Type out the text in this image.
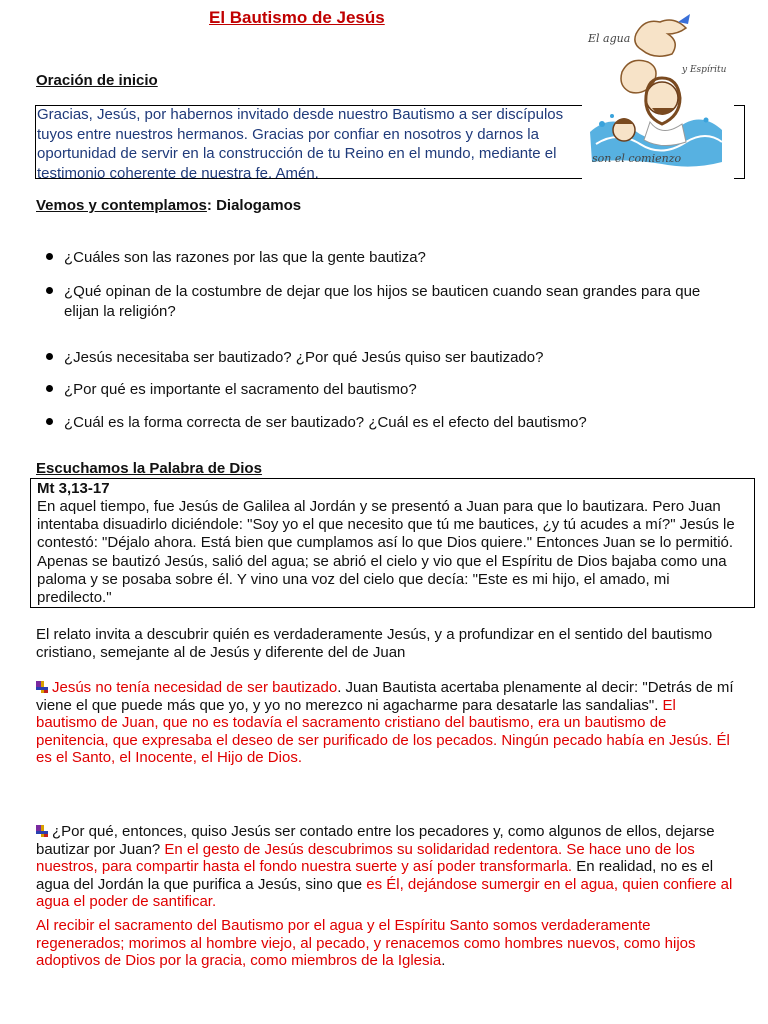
El Bautismo de Jesús
Oración de inicio
Gracias, Jesús, por habernos invitado desde nuestro Bautismo a ser discípulos tuyos entre nuestros hermanos. Gracias por confiar en nosotros y darnos la oportunidad de servir en la construcción de tu Reino en el mundo, mediante el testimonio coherente de nuestra fe. Amén.
El agua
y Espíritu
son el comienzo
Vemos y contemplamos: Dialogamos
¿Cuáles son las razones por las que la gente bautiza?
¿Qué opinan de la costumbre de dejar que los hijos se bauticen cuando sean grandes para que elijan la religión?
¿Jesús necesitaba ser bautizado? ¿Por qué Jesús quiso ser bautizado?
¿Por qué es importante el sacramento del bautismo?
¿Cuál es la forma correcta de ser bautizado? ¿Cuál es el efecto del bautismo?
Escuchamos la Palabra de Dios
Mt 3,13-17
En aquel tiempo, fue Jesús de Galilea al Jordán y se presentó a Juan para que lo bautizara. Pero Juan intentaba disuadirlo diciéndole: "Soy yo el que necesito que tú me bautices, ¿y tú acudes a mí?" Jesús le contestó: "Déjalo ahora. Está bien que cumplamos así lo que Dios quiere." Entonces Juan se lo permitió. Apenas se bautizó Jesús, salió del agua; se abrió el cielo y vio que el Espíritu de Dios bajaba como una paloma y se posaba sobre él. Y vino una voz del cielo que decía: "Este es mi hijo, el amado, mi predilecto."
El relato invita a descubrir quién es verdaderamente Jesús, y a profundizar en el sentido del bautismo cristiano, semejante al de Jesús y diferente del de Juan
Jesús no tenía necesidad de ser bautizado. Juan Bautista acertaba plenamente al decir: "Detrás de mí viene el que puede más que yo, y yo no merezco ni agacharme para desatarle las sandalias". El bautismo de Juan, que no es todavía el sacramento cristiano del bautismo, era un bautismo de penitencia, que expresaba el deseo de ser purificado de los pecados. Ningún pecado había en Jesús. Él es el Santo, el Inocente, el Hijo de Dios.
¿Por qué, entonces, quiso Jesús ser contado entre los pecadores y, como algunos de ellos, dejarse bautizar por Juan? En el gesto de Jesús descubrimos su solidaridad redentora. Se hace uno de los nuestros, para compartir hasta el fondo nuestra suerte y así poder transformarla. En realidad, no es el agua del Jordán la que purifica a Jesús, sino que es Él, dejándose sumergir en el agua, quien confiere al agua el poder de santificar.
Al recibir el sacramento del Bautismo por el agua y el Espíritu Santo somos verdaderamente regenerados; morimos al hombre viejo, al pecado, y renacemos como hombres nuevos, como hijos adoptivos de Dios por la gracia, como miembros de la Iglesia.
